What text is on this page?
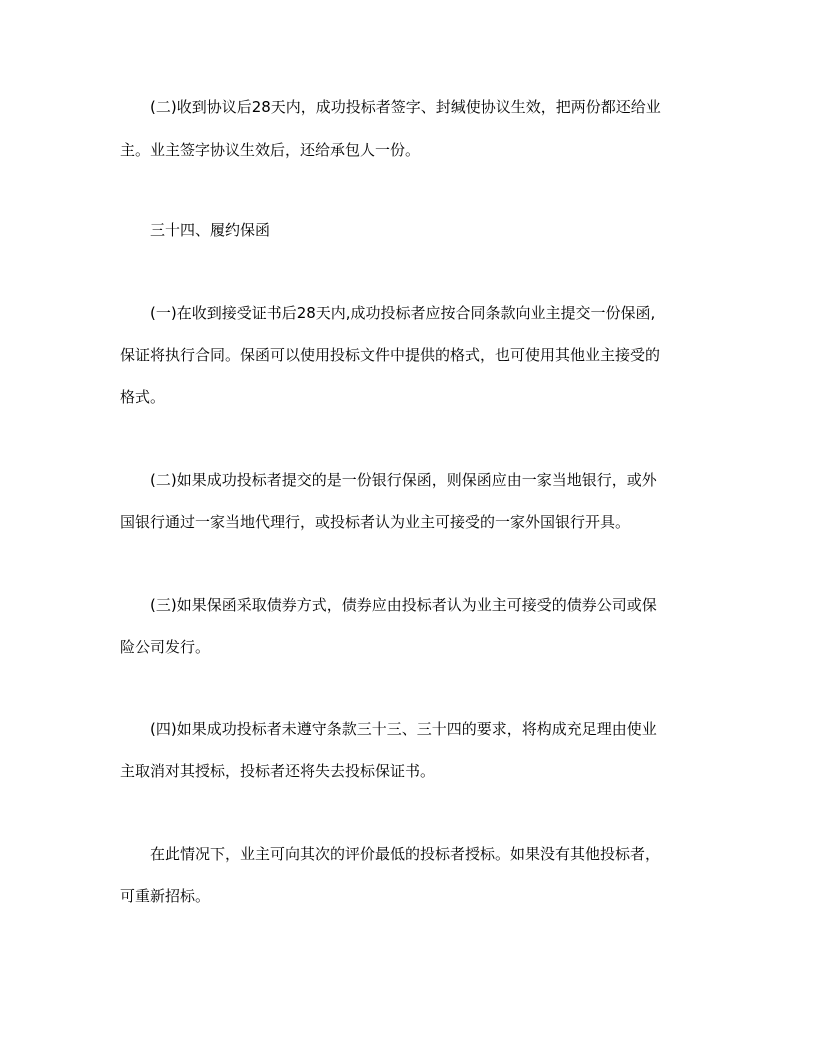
(二)收到协议后28天内，成功投标者签字、封缄使协议生效，把两份都还给业
主。业主签字协议生效后，还给承包人一份。
三十四、履约保函
(一)在收到接受证书后28天内,成功投标者应按合同条款向业主提交一份保函,
保证将执行合同。保函可以使用投标文件中提供的格式，也可使用其他业主接受的
格式。
(二)如果成功投标者提交的是一份银行保函，则保函应由一家当地银行，或外
国银行通过一家当地代理行，或投标者认为业主可接受的一家外国银行开具。
(三)如果保函采取债券方式，债券应由投标者认为业主可接受的债券公司或保
险公司发行。
(四)如果成功投标者未遵守条款三十三、三十四的要求，将构成充足理由使业
主取消对其授标，投标者还将失去投标保证书。
在此情况下，业主可向其次的评价最低的投标者授标。如果没有其他投标者，
可重新招标。
